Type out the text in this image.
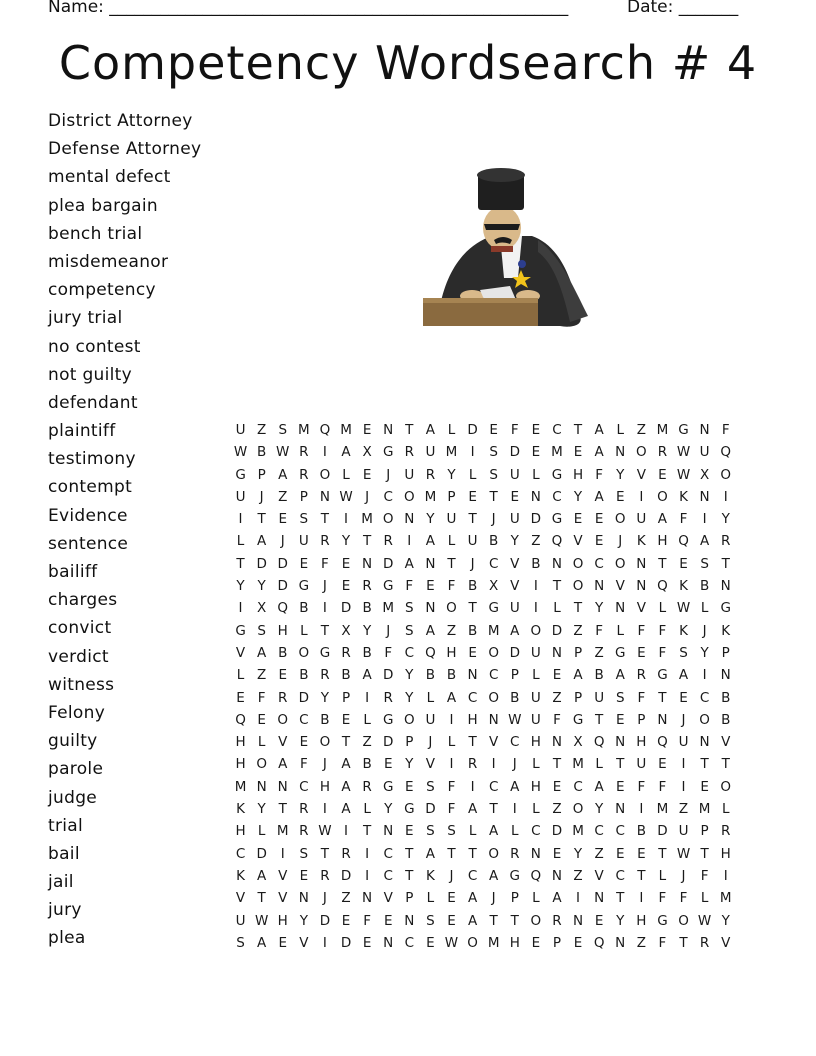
Name: ______________________________________________________	Date: _______
Competency Wordsearch # 4
District Attorney
Defense Attorney
mental defect
plea bargain
bench trial
misdemeanor
competency
jury trial
no contest
not guilty
defendant
plaintiff
testimony
contempt
Evidence
sentence
bailiff
charges
convict
verdict
witness
Felony
guilty
parole
judge
trial
bail
jail
jury
plea
U Z S M Q M E N T A L D E F E C T A L Z M G N F
W B W R	I	A X G R U M I	S D E M E A N O R W U Q
G P A R O L E	J	U R Y L S U L G H F Y V E W X O
U	J	Z P N W J	C O M P E T E N C Y A E	I	O K N	I
I	T E S T	I M O N Y U T	J	U D G E E O U A F	I	Y
L A	J	U R Y T R	I	A L U B Y Z Q V E	J	K H Q A R
T D D E F E N D A N T	J	C V B N O C O N T E S T
Y Y D G	J	E R G F E F B X V	I	T O N V N Q K B N
I	X Q B	I	D B M S N O T G U	I	L T Y N V L W L G
G S H L T X Y	J	S A Z B M A O D Z F L F F K	J	K
V A B O G R B F C Q H E O D U N P Z G E F S Y P
L Z E B R B A D Y B B N C P L E A B A R G A	I	N
E F R D Y P	I	R Y L A C O B U Z P U S F T E C B
Q E O C B E L G O U	I	H N W U F G T E P N	J	O B
H L V E O T Z D P	J	L T V C H N X Q N H Q U N V
H O A F	J	A B E Y V	I	R	I	J	L T M L T U E	I	T T
M N N C H A R G E S F	I	C A H E C A E F F	I	E O
K Y T R	I	A L Y G D F A T	I	L Z O Y N	I M Z M L
H L M R W I	T N E S S L A L C D M C C B D U P R
C D	I	S T R	I	C T A T T O R N E Y Z E E T W T H
K A V E R D	I	C T K	J	C A G Q N Z V C T L	J	F	I
V T V N	J	Z N V P L E A	J	P L A	I	N T	I	F F L M
U W H Y D E F E N S E A T T O R N E Y H G O W Y
S A E V	I	D E N C E W O M H E P E Q N Z F T R V
